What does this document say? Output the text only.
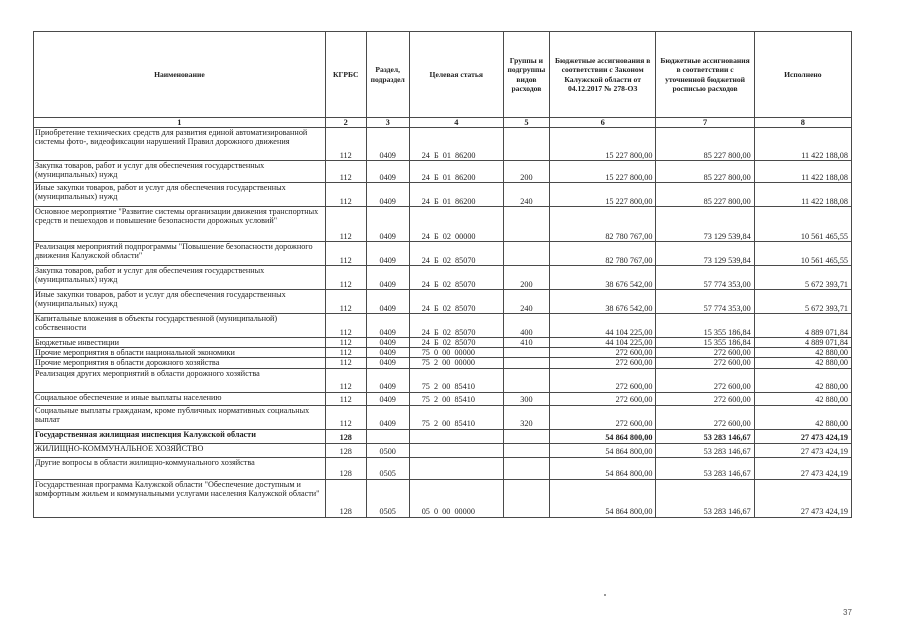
Наименование	КГРБС	Раздел, подраздел	Целевая статья	Группы и подгруппы видов расходов	Бюджетные ассигнования в соответствии с Законом Калужской области от 04.12.2017 № 278-ОЗ	Бюджетные ассигнования в соответствии с уточненной бюджетной росписью расходов	Исполнено
1	2	3	4	5	6	7	8
Приобретение технических средств для развития единой автоматизированной системы фото-, видеофиксации нарушений Правил дорожного движения	112	0409	24  Б  01  86200		15 227 800,00	85 227 800,00	11 422 188,08
Закупка товаров, работ и услуг для обеспечения государственных (муниципальных) нужд	112	0409	24  Б  01  86200	200	15 227 800,00	85 227 800,00	11 422 188,08
Иные закупки товаров, работ и услуг для обеспечения государственных (муниципальных) нужд	112	0409	24  Б  01  86200	240	15 227 800,00	85 227 800,00	11 422 188,08
Основное мероприятие "Развитие системы организации движения транспортных средств и пешеходов и повышение безопасности дорожных условий"	112	0409	24  Б  02  00000		82 780 767,00	73 129 539,84	10 561 465,55
Реализация мероприятий подпрограммы "Повышение безопасности дорожного движения Калужской области"	112	0409	24  Б  02  85070		82 780 767,00	73 129 539,84	10 561 465,55
Закупка товаров, работ и услуг для обеспечения государственных (муниципальных) нужд	112	0409	24  Б  02  85070	200	38 676 542,00	57 774 353,00	5 672 393,71
Иные закупки товаров, работ и услуг для обеспечения государственных (муниципальных) нужд	112	0409	24  Б  02  85070	240	38 676 542,00	57 774 353,00	5 672 393,71
Капитальные вложения в объекты государственной (муниципальной) собственности	112	0409	24  Б  02  85070	400	44 104 225,00	15 355 186,84	4 889 071,84
Бюджетные инвестиции	112	0409	24  Б  02  85070	410	44 104 225,00	15 355 186,84	4 889 071,84
Прочие мероприятия в области национальной экономики	112	0409	75  0  00  00000		272 600,00	272 600,00	42 880,00
Прочие мероприятия в области дорожного хозяйства	112	0409	75  2  00  00000		272 600,00	272 600,00	42 880,00
Реализация других мероприятий в области дорожного хозяйства	112	0409	75  2  00  85410		272 600,00	272 600,00	42 880,00
Социальное обеспечение и иные выплаты населению	112	0409	75  2  00  85410	300	272 600,00	272 600,00	42 880,00
Социальные выплаты гражданам, кроме публичных нормативных социальных выплат	112	0409	75  2  00  85410	320	272 600,00	272 600,00	42 880,00
Государственная жилищная инспекция Калужской области	128				54 864 800,00	53 283 146,67	27 473 424,19
ЖИЛИЩНО-КОММУНАЛЬНОЕ ХОЗЯЙСТВО	128	0500			54 864 800,00	53 283 146,67	27 473 424,19
Другие вопросы в области жилищно-коммунального хозяйства	128	0505			54 864 800,00	53 283 146,67	27 473 424,19
Государственная программа Калужской области "Обеспечение доступным и комфортным жильем и коммунальными услугами населения Калужской области"	128	0505	05  0  00  00000		54 864 800,00	53 283 146,67	27 473 424,19
37
